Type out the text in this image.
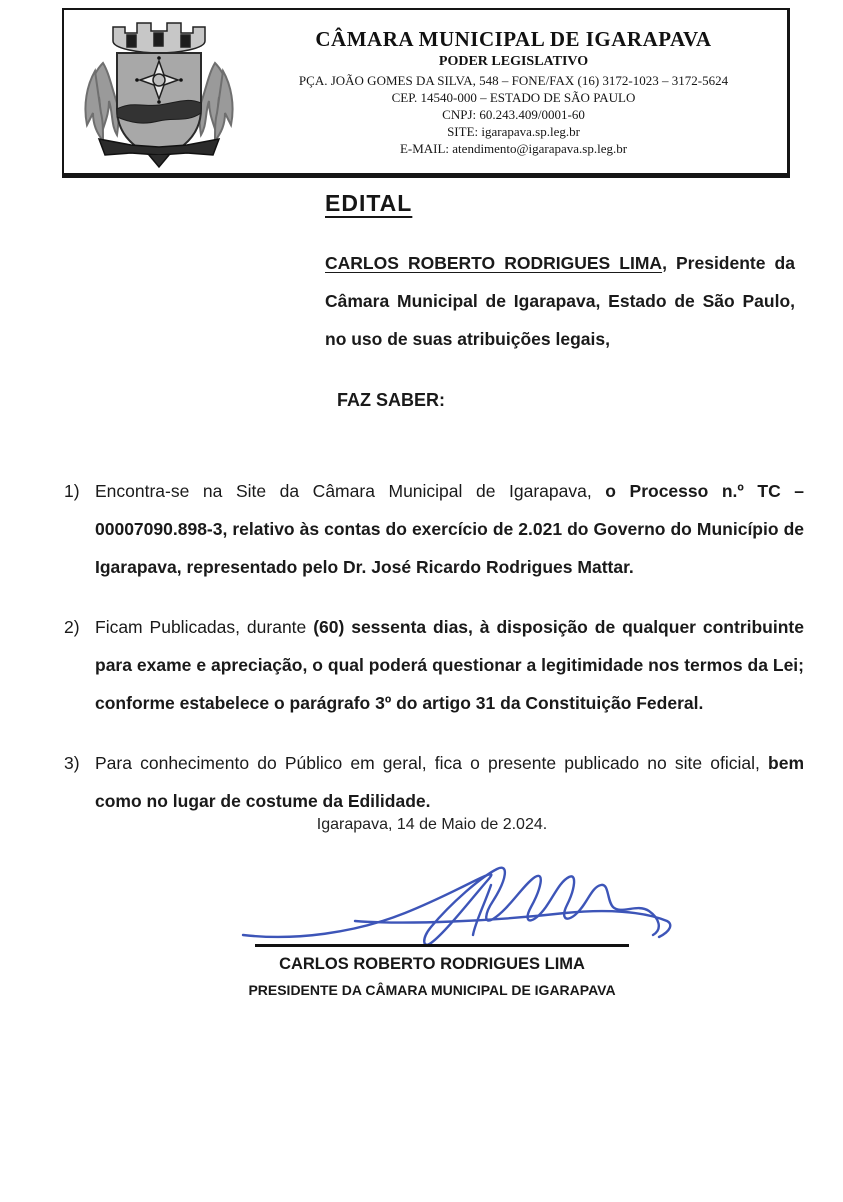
CÂMARA MUNICIPAL DE IGARAPAVA
PODER LEGISLATIVO
PÇA. JOÃO GOMES DA SILVA, 548 – FONE/FAX (16) 3172-1023 – 3172-5624
CEP. 14540-000 – ESTADO DE SÃO PAULO
CNPJ: 60.243.409/0001-60
SITE: igarapava.sp.leg.br
E-MAIL: atendimento@igarapava.sp.leg.br
EDITAL
CARLOS ROBERTO RODRIGUES LIMA, Presidente da Câmara Municipal de Igarapava, Estado de São Paulo, no uso de suas atribuições legais,
FAZ SABER:
1) Encontra-se na Site da Câmara Municipal de Igarapava, o Processo n.º TC – 00007090.898-3, relativo às contas do exercício de 2.021 do Governo do Município de Igarapava, representado pelo Dr. José Ricardo Rodrigues Mattar.
2) Ficam Publicadas, durante (60) sessenta dias, à disposição de qualquer contribuinte para exame e apreciação, o qual poderá questionar a legitimidade nos termos da Lei; conforme estabelece o parágrafo 3º do artigo 31 da Constituição Federal.
3) Para conhecimento do Público em geral, fica o presente publicado no site oficial, bem como no lugar de costume da Edilidade.
Igarapava, 14 de Maio de 2.024.
CARLOS ROBERTO RODRIGUES LIMA
PRESIDENTE DA CÂMARA MUNICIPAL DE IGARAPAVA
